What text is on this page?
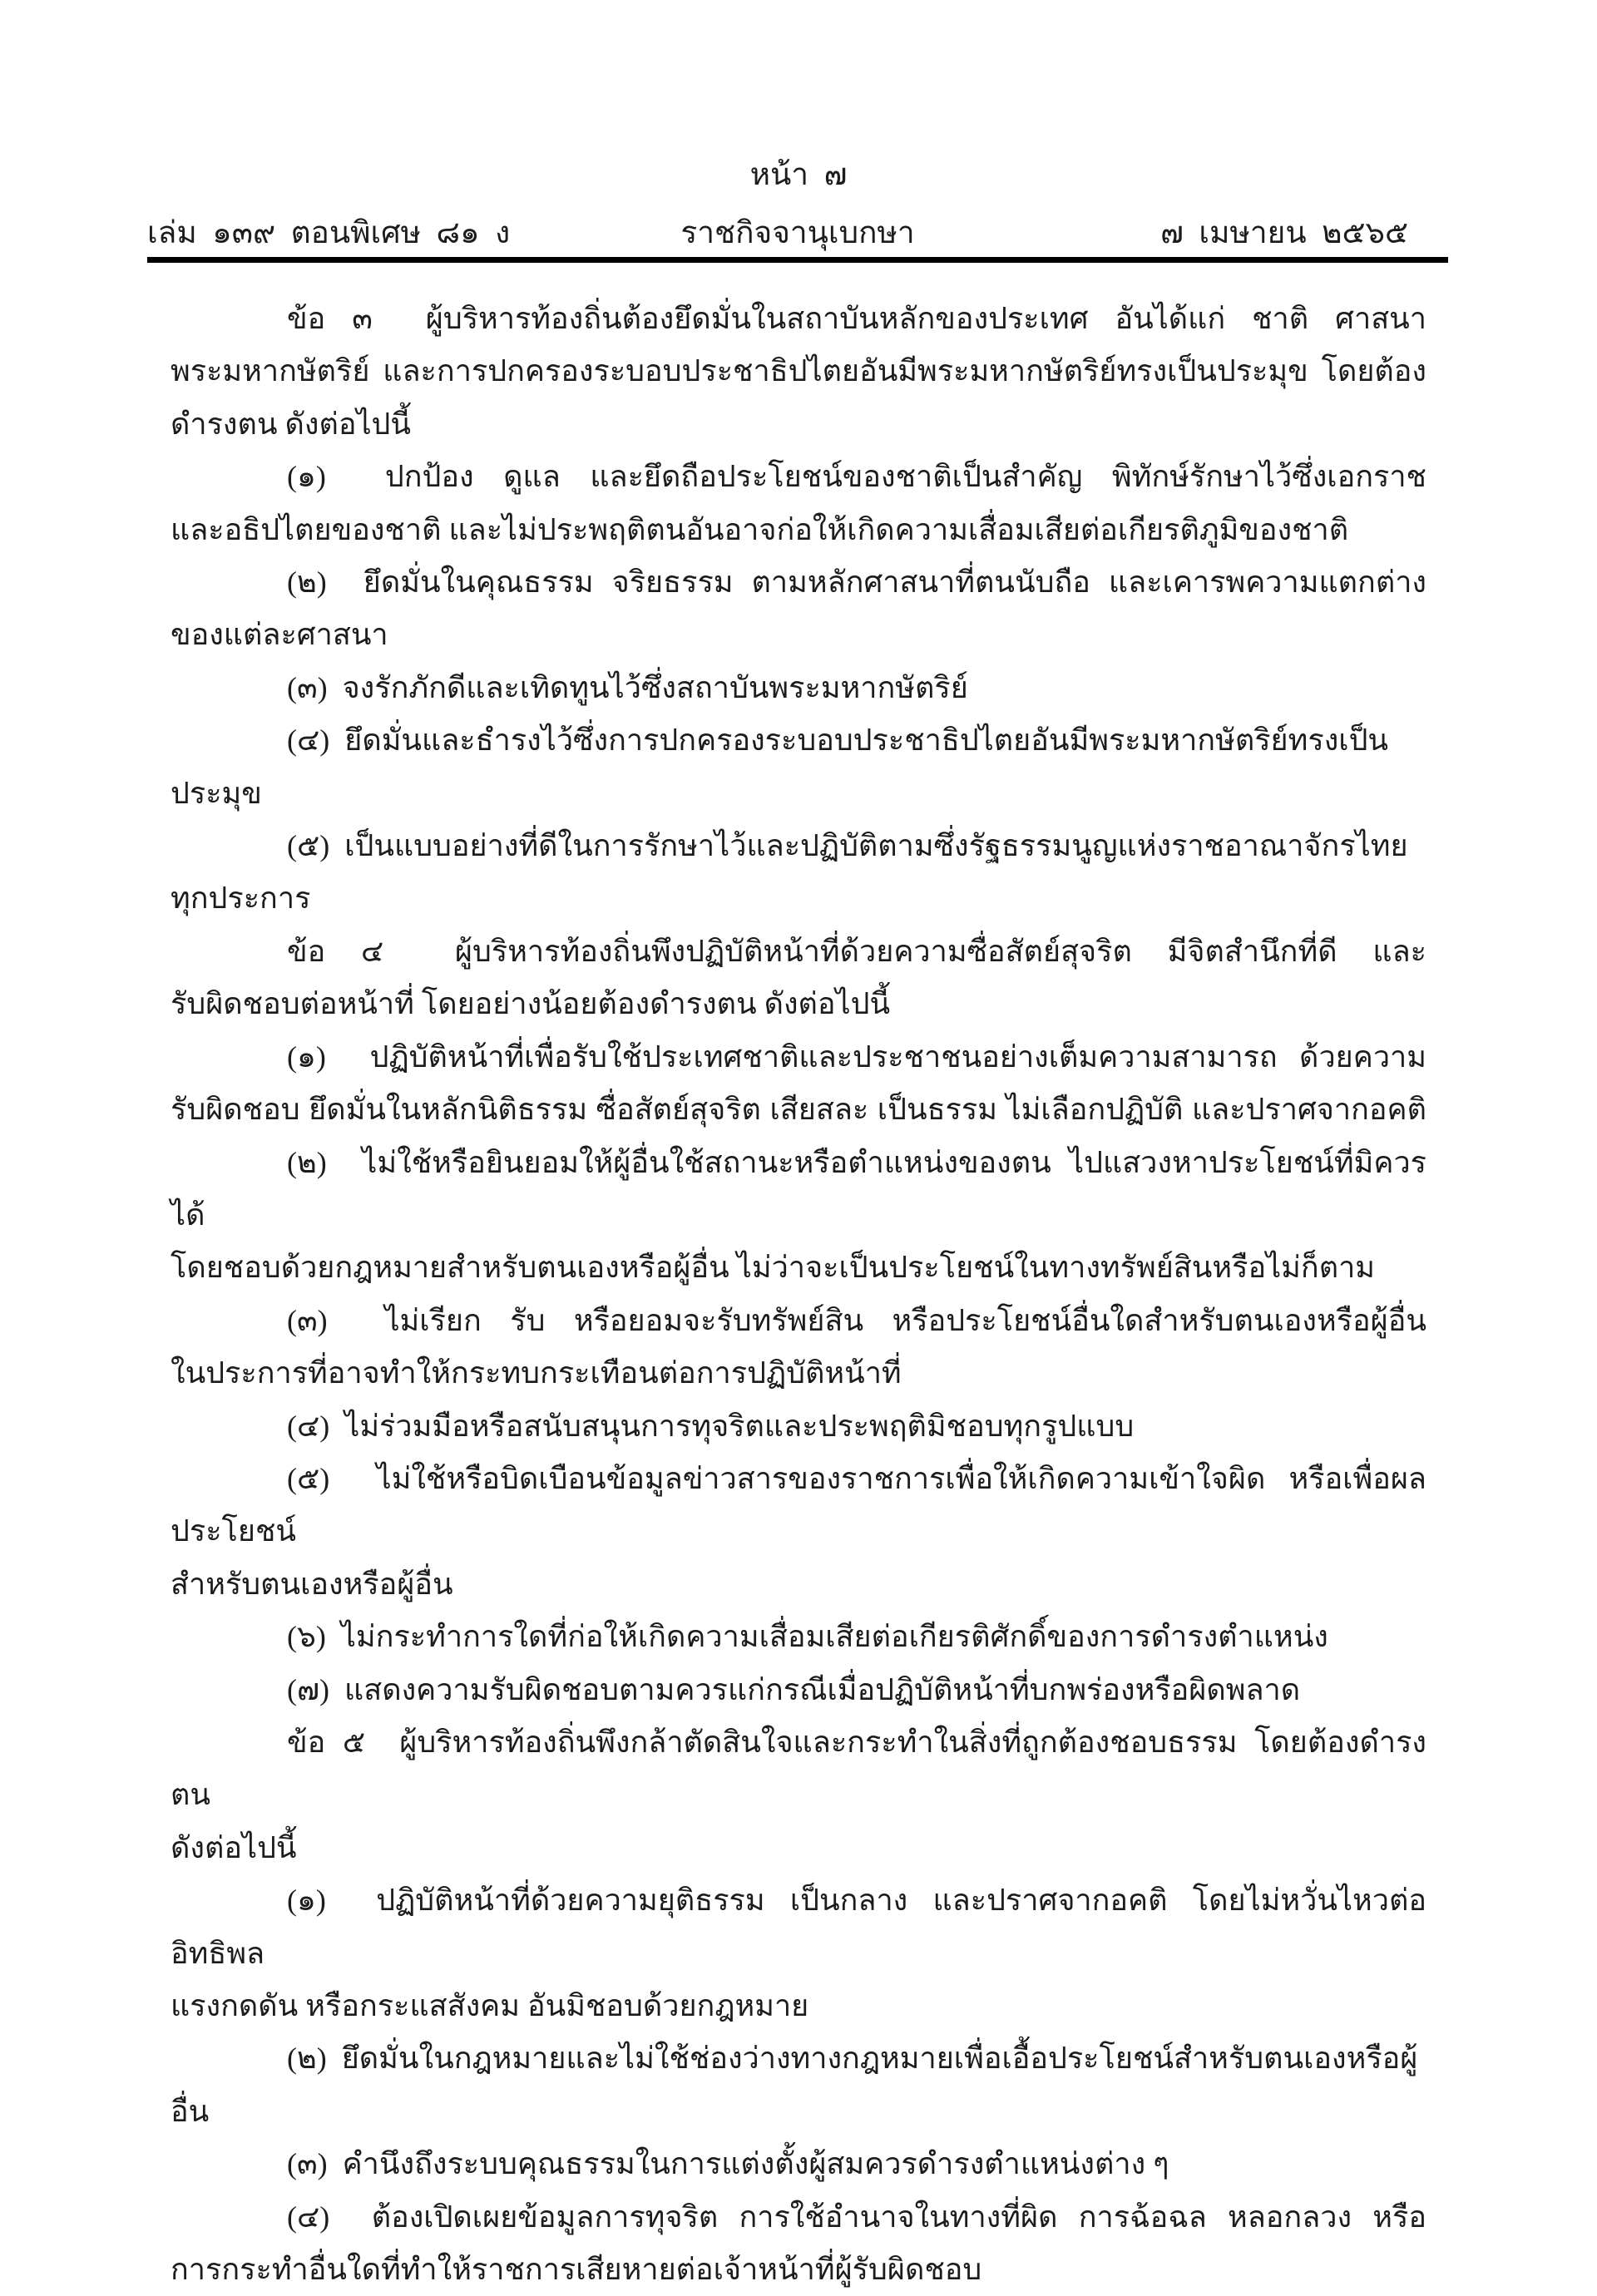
หน้า  ๗
เล่ม  ๑๓๙  ตอนพิเศษ  ๘๑  ง	ราชกิจจานุเบกษา	๗  เมษายน  ๒๕๖๕
ข้อ ๓  ผู้บริหารท้องถิ่นต้องยึดมั่นในสถาบันหลักของประเทศ อันได้แก่ ชาติ ศาสนา
พระมหากษัตริย์ และการปกครองระบอบประชาธิปไตยอันมีพระมหากษัตริย์ทรงเป็นประมุข โดยต้อง
ดำรงตน ดังต่อไปนี้
(๑)  ปกป้อง ดูแล และยึดถือประโยชน์ของชาติเป็นสำคัญ พิทักษ์รักษาไว้ซึ่งเอกราช
และอธิปไตยของชาติ และไม่ประพฤติตนอันอาจก่อให้เกิดความเสื่อมเสียต่อเกียรติภูมิของชาติ
(๒)  ยึดมั่นในคุณธรรม จริยธรรม ตามหลักศาสนาที่ตนนับถือ และเคารพความแตกต่าง
ของแต่ละศาสนา
(๓)  จงรักภักดีและเทิดทูนไว้ซึ่งสถาบันพระมหากษัตริย์
(๔)  ยึดมั่นและธำรงไว้ซึ่งการปกครองระบอบประชาธิปไตยอันมีพระมหากษัตริย์ทรงเป็นประมุข
(๕)  เป็นแบบอย่างที่ดีในการรักษาไว้และปฏิบัติตามซึ่งรัฐธรรมนูญแห่งราชอาณาจักรไทยทุกประการ
ข้อ ๔  ผู้บริหารท้องถิ่นพึงปฏิบัติหน้าที่ด้วยความซื่อสัตย์สุจริต มีจิตสำนึกที่ดี และ
รับผิดชอบต่อหน้าที่ โดยอย่างน้อยต้องดำรงตน ดังต่อไปนี้
(๑)  ปฏิบัติหน้าที่เพื่อรับใช้ประเทศชาติและประชาชนอย่างเต็มความสามารถ ด้วยความ
รับผิดชอบ ยึดมั่นในหลักนิติธรรม ซื่อสัตย์สุจริต เสียสละ เป็นธรรม ไม่เลือกปฏิบัติ และปราศจากอคติ
(๒)  ไม่ใช้หรือยินยอมให้ผู้อื่นใช้สถานะหรือตำแหน่งของตน ไปแสวงหาประโยชน์ที่มิควรได้
โดยชอบด้วยกฎหมายสำหรับตนเองหรือผู้อื่น ไม่ว่าจะเป็นประโยชน์ในทางทรัพย์สินหรือไม่ก็ตาม
(๓)  ไม่เรียก รับ หรือยอมจะรับทรัพย์สิน หรือประโยชน์อื่นใดสำหรับตนเองหรือผู้อื่น
ในประการที่อาจทำให้กระทบกระเทือนต่อการปฏิบัติหน้าที่
(๔)  ไม่ร่วมมือหรือสนับสนุนการทุจริตและประพฤติมิชอบทุกรูปแบบ
(๕)  ไม่ใช้หรือบิดเบือนข้อมูลข่าวสารของราชการเพื่อให้เกิดความเข้าใจผิด หรือเพื่อผลประโยชน์
สำหรับตนเองหรือผู้อื่น
(๖)  ไม่กระทำการใดที่ก่อให้เกิดความเสื่อมเสียต่อเกียรติศักดิ์ของการดำรงตำแหน่ง
(๗)  แสดงความรับผิดชอบตามควรแก่กรณีเมื่อปฏิบัติหน้าที่บกพร่องหรือผิดพลาด
ข้อ ๕  ผู้บริหารท้องถิ่นพึงกล้าตัดสินใจและกระทำในสิ่งที่ถูกต้องชอบธรรม โดยต้องดำรงตน
ดังต่อไปนี้
(๑)  ปฏิบัติหน้าที่ด้วยความยุติธรรม เป็นกลาง และปราศจากอคติ โดยไม่หวั่นไหวต่ออิทธิพล
แรงกดดัน หรือกระแสสังคม อันมิชอบด้วยกฎหมาย
(๒)  ยึดมั่นในกฎหมายและไม่ใช้ช่องว่างทางกฎหมายเพื่อเอื้อประโยชน์สำหรับตนเองหรือผู้อื่น
(๓)  คำนึงถึงระบบคุณธรรมในการแต่งตั้งผู้สมควรดำรงตำแหน่งต่าง ๆ
(๔)  ต้องเปิดเผยข้อมูลการทุจริต การใช้อำนาจในทางที่ผิด การฉ้อฉล หลอกลวง หรือ
การกระทำอื่นใดที่ทำให้ราชการเสียหายต่อเจ้าหน้าที่ผู้รับผิดชอบ
